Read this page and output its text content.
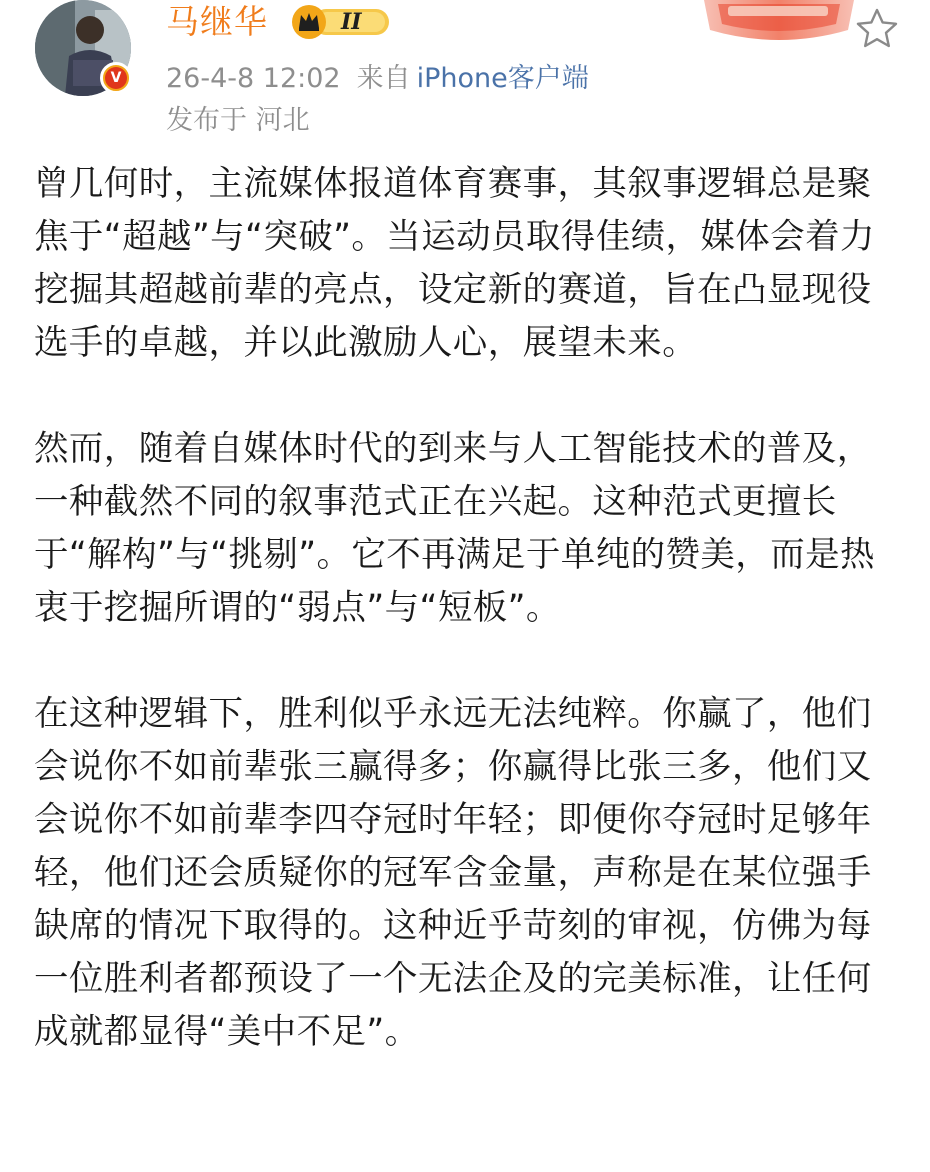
V
马继华	II
26-4-8 12:02 来自 iPhone客户端
发布于 河北

曾几何时，主流媒体报道体育赛事，其叙事逻辑总是聚焦于“超越”与“突破”。当运动员取得佳绩，媒体会着力挖掘其超越前辈的亮点，设定新的赛道，旨在凸显现役选手的卓越，并以此激励人心，展望未来。

然而，随着自媒体时代的到来与人工智能技术的普及，一种截然不同的叙事范式正在兴起。这种范式更擅长于“解构”与“挑剔”。它不再满足于单纯的赞美，而是热衷于挖掘所谓的“弱点”与“短板”。

在这种逻辑下，胜利似乎永远无法纯粹。你赢了，他们会说你不如前辈张三赢得多；你赢得比张三多，他们又会说你不如前辈李四夺冠时年轻；即便你夺冠时足够年轻，他们还会质疑你的冠军含金量，声称是在某位强手缺席的情况下取得的。这种近乎苛刻的审视，仿佛为每一位胜利者都预设了一个无法企及的完美标准，让任何成就都显得“美中不足”。
